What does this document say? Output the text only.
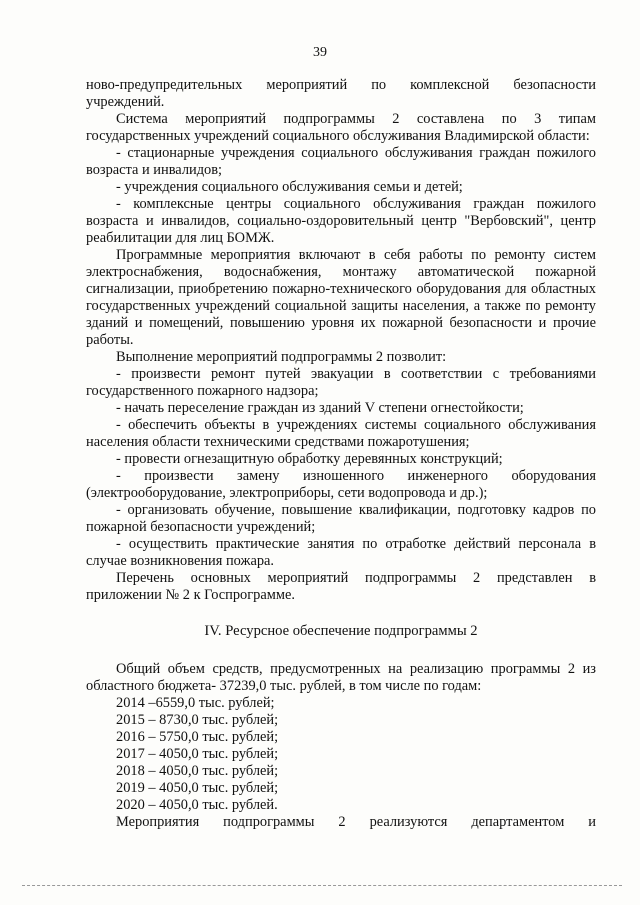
39

ново-предупредительных мероприятий по комплексной безопасности учреждений.

Система мероприятий подпрограммы 2 составлена по 3 типам государственных учреждений социального обслуживания Владимирской области:

- стационарные учреждения социального обслуживания граждан пожилого возраста и инвалидов;

- учреждения социального обслуживания семьи и детей;

- комплексные центры социального обслуживания граждан пожилого возраста и инвалидов, социально-оздоровительный центр "Вербовский", центр реабилитации для лиц БОМЖ.

Программные мероприятия включают в себя работы по ремонту систем электроснабжения, водоснабжения, монтажу автоматической пожарной сигнализации, приобретению пожарно-технического оборудования для областных государственных учреждений социальной защиты населения, а также по ремонту зданий и помещений, повышению уровня их пожарной безопасности и прочие работы.

Выполнение мероприятий подпрограммы 2 позволит:

- произвести ремонт путей эвакуации в соответствии с требованиями государственного пожарного надзора;

- начать переселение граждан из зданий V степени огнестойкости;

- обеспечить объекты в учреждениях системы социального обслуживания населения области техническими средствами пожаротушения;

- провести огнезащитную обработку деревянных конструкций;

- произвести замену изношенного инженерного оборудования (электрооборудование, электроприборы, сети водопровода и др.);

- организовать обучение, повышение квалификации, подготовку кадров по пожарной безопасности учреждений;

- осуществить практические занятия по отработке действий персонала в случае возникновения пожара.

Перечень основных мероприятий подпрограммы 2 представлен в приложении № 2 к Госпрограмме.

IV. Ресурсное обеспечение подпрограммы 2

Общий объем средств, предусмотренных на реализацию программы 2 из областного бюджета- 37239,0 тыс. рублей, в том числе по годам:

2014 –6559,0 тыс. рублей;

2015 – 8730,0 тыс. рублей;

2016 – 5750,0 тыс. рублей;

2017 – 4050,0 тыс. рублей;

2018 – 4050,0 тыс. рублей;

2019 – 4050,0 тыс. рублей;

2020 – 4050,0 тыс. рублей.

Мероприятия подпрограммы 2 реализуются департаментом и
